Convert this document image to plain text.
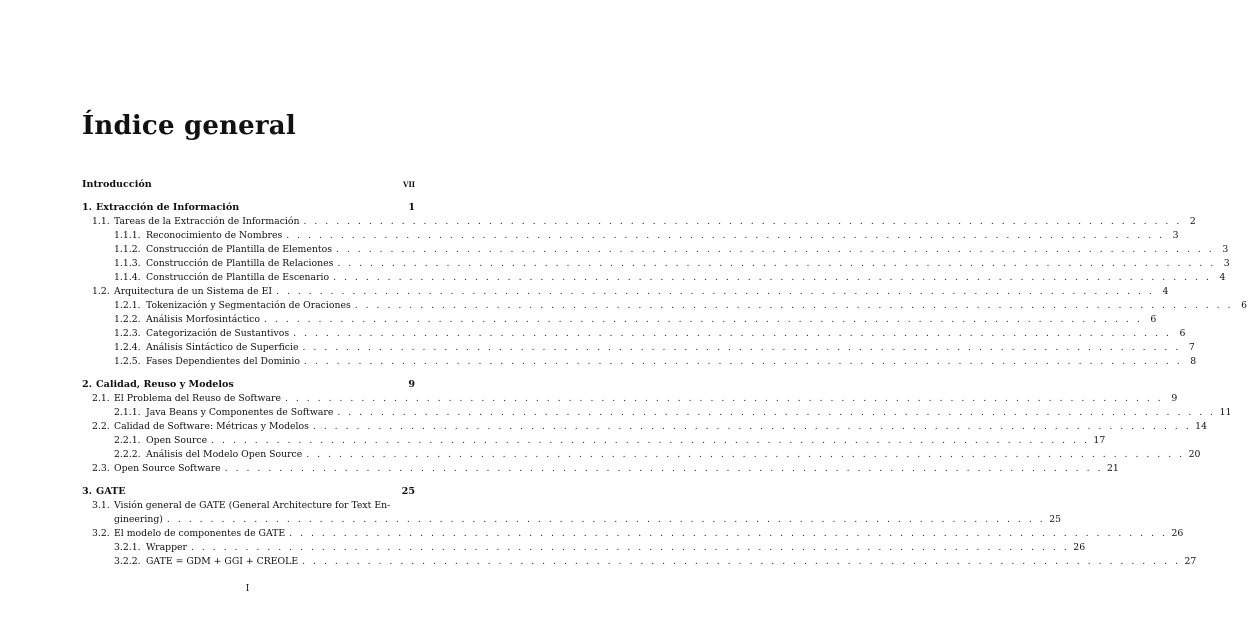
Índice general
Introducción	vii
1. Extracción de Información	1
1.1. Tareas de la Extracción de Información . . .	2
1.1.1. Reconocimiento de Nombres . . .	3
1.1.2. Construcción de Plantilla de Elementos . . .	3
1.1.3. Construcción de Plantilla de Relaciones . . .	3
1.1.4. Construcción de Plantilla de Escenario . . .	4
1.2. Arquitectura de un Sistema de EI . . .	4
1.2.1. Tokenización y Segmentación de Oraciones . . .	6
1.2.2. Análisis Morfosintáctico . . .	6
1.2.3. Categorización de Sustantivos . . .	6
1.2.4. Análisis Sintáctico de Superficie . . .	7
1.2.5. Fases Dependientes del Dominio . . .	8
2. Calidad, Reuso y Modelos	9
2.1. El Problema del Reuso de Software . . .	9
2.1.1. Java Beans y Componentes de Software . . .	11
2.2. Calidad de Software: Métricas y Modelos . . .	14
2.2.1. Open Source . . .	17
2.2.2. Análisis del Modelo Open Source . . .	20
2.3. Open Source Software . . .	21
3. GATE	25
3.1. Visión general de GATE (General Architecture for Text En-
gineering) . . .	25
3.2. El modelo de componentes de GATE . . .	26
3.2.1. Wrapper . . .	26
3.2.2. GATE = GDM + GGI + CREOLE . . .	27
I
